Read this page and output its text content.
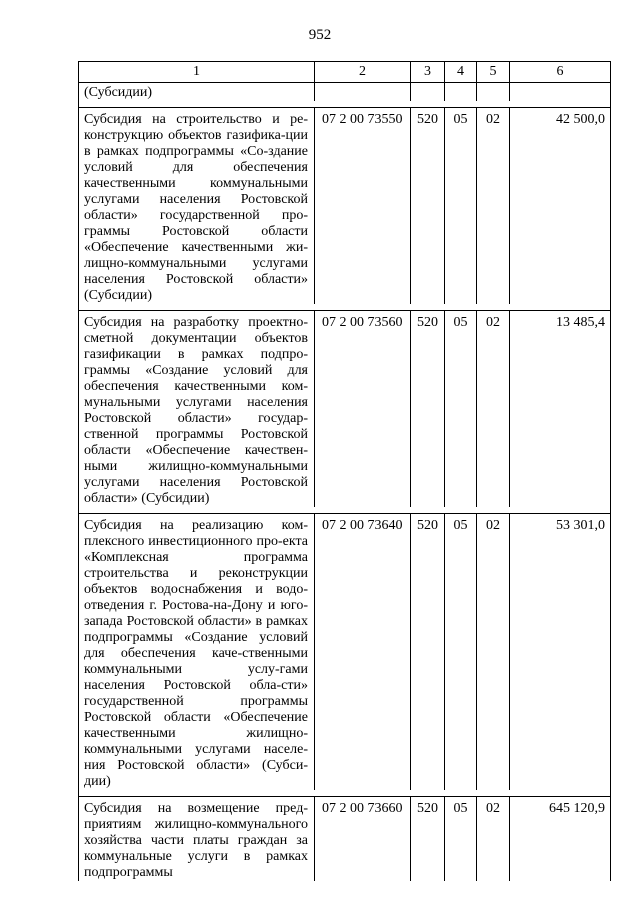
952
1	2	3	4	5	6
(Субсидии)					

Субсидия на строительство и ре-конструкцию объектов газифика-ции в рамках подпрограммы «Со-здание условий для обеспечения качественными коммунальными услугами населения Ростовской области» государственной про-граммы Ростовской области «Обеспечение качественными жи-лищно-коммунальными услугами населения Ростовской области» (Субсидии)	07 2 00 73550	520	05	02	42 500,0

Субсидия на разработку проектно-сметной документации объектов газификации в рамках подпро-граммы «Создание условий для обеспечения качественными ком-мунальными услугами населения Ростовской области» государ-ственной программы Ростовской области «Обеспечение качествен-ными жилищно-коммунальными услугами населения Ростовской области» (Субсидии)	07 2 00 73560	520	05	02	13 485,4

Субсидия на реализацию ком-плексного инвестиционного про-екта «Комплексная программа строительства и реконструкции объектов водоснабжения и водо-отведения г. Ростова-на-Дону и юго-запада Ростовской области» в рамках подпрограммы «Создание условий для обеспечения каче-ственными коммунальными услу-гами населения Ростовской обла-сти» государственной программы Ростовской области «Обеспечение качественными жилищно-коммунальными услугами населе-ния Ростовской области» (Субси-дии)	07 2 00 73640	520	05	02	53 301,0

Субсидия на возмещение пред-приятиям жилищно-коммунального хозяйства части платы граждан за коммунальные услуги в рамках подпрограммы	07 2 00 73660	520	05	02	645 120,9
